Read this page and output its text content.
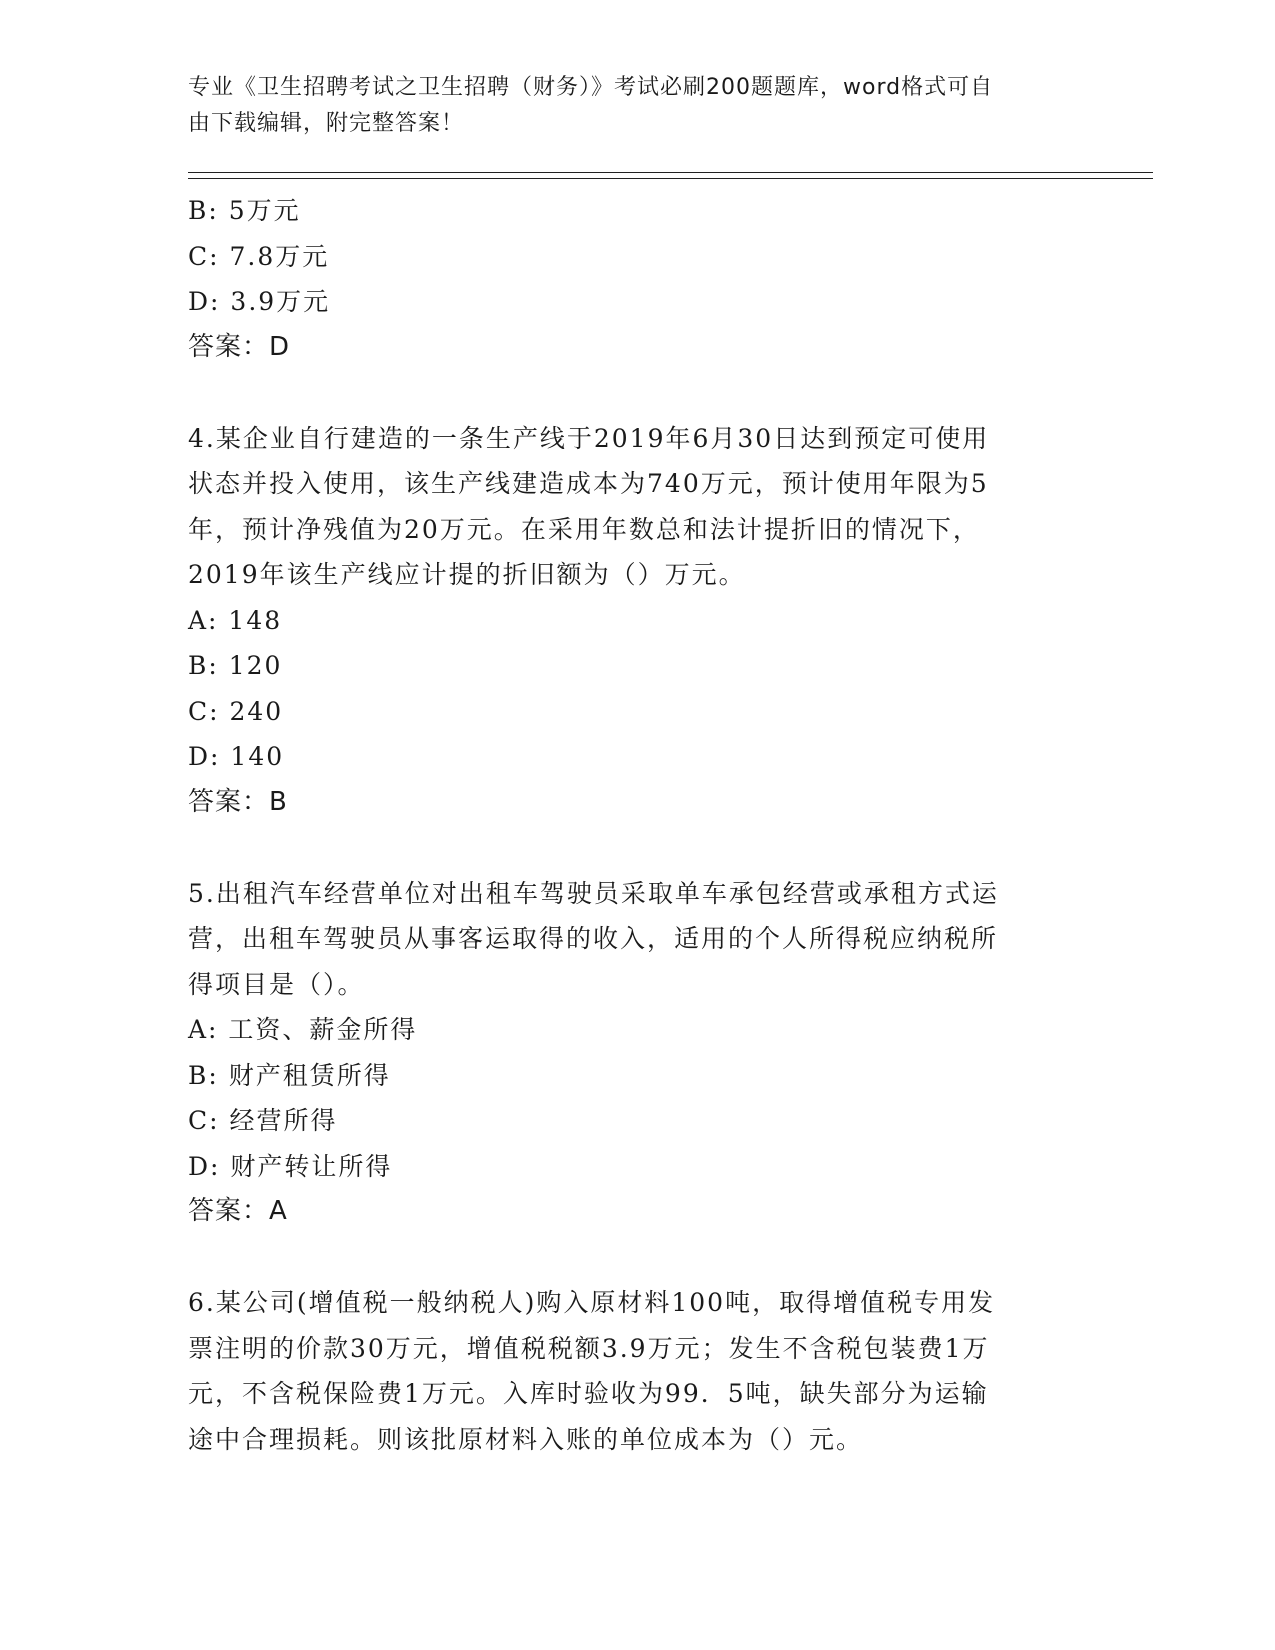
专业《卫生招聘考试之卫生招聘（财务）》考试必刷200题题库，word格式可自
由下载编辑，附完整答案！
B: 5万元
C: 7.8万元
D: 3.9万元
答案：D
4.某企业自行建造的一条生产线于2019年6月30日达到预定可使用
状态并投入使用，该生产线建造成本为740万元，预计使用年限为5
年，预计净残值为20万元。在采用年数总和法计提折旧的情况下，
2019年该生产线应计提的折旧额为（）万元。
A: 148
B: 120
C: 240
D: 140
答案：B
5.出租汽车经营单位对出租车驾驶员采取单车承包经营或承租方式运
营，出租车驾驶员从事客运取得的收入，适用的个人所得税应纳税所
得项目是（）。
A: 工资、薪金所得
B: 财产租赁所得
C: 经营所得
D: 财产转让所得
答案：A
6.某公司(增值税一般纳税人)购入原材料100吨，取得增值税专用发
票注明的价款30万元，增值税税额3.9万元；发生不含税包装费1万
元，不含税保险费1万元。入库时验收为99．5吨，缺失部分为运输
途中合理损耗。则该批原材料入账的单位成本为（）元。
